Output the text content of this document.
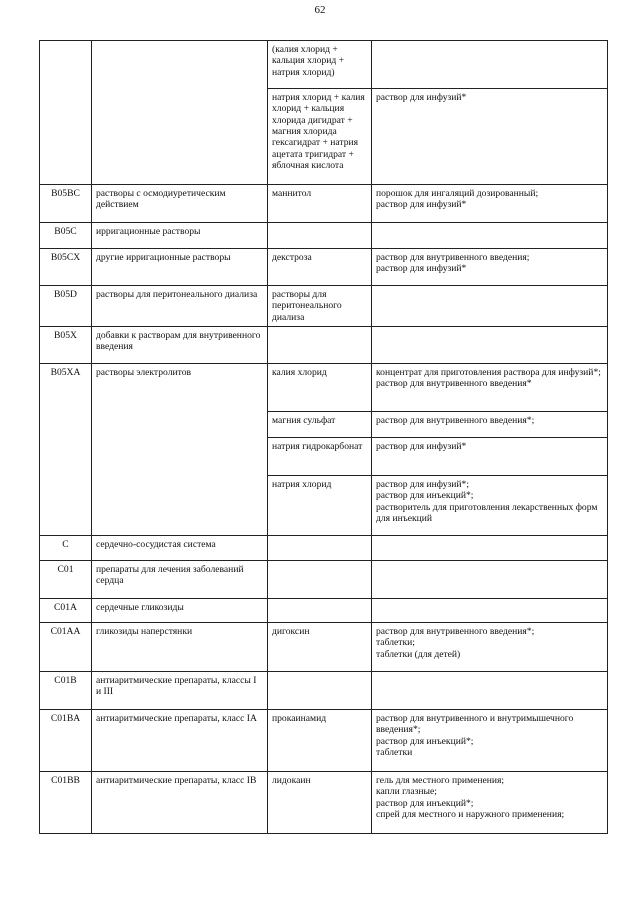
62
		(калия хлорид + кальция хлорид + натрия хлорид)	
		натрия хлорид + калия хлорид + кальция хлорида дигидрат + магния хлорида гексагидрат + натрия ацетата тригидрат + яблочная кислота	раствор для инфузий*
B05BC	растворы с осмодиуретическим действием	маннитол	порошок для ингаляций дозированный;
раствор для инфузий*
B05C	ирригационные растворы		
B05CX	другие ирригационные растворы	декстроза	раствор для внутривенного введения;
раствор для инфузий*
B05D	растворы для перитонеального диализа	растворы для перитонеального диализа	
B05X	добавки к растворам для внутривенного введения		
B05XA	растворы электролитов	калия хлорид	концентрат для приготовления раствора для инфузий*;
раствор для внутривенного введения*
		магния сульфат	раствор для внутривенного введения*;
		натрия гидрокарбонат	раствор для инфузий*
		натрия хлорид	раствор для инфузий*;
раствор для инъекций*;
растворитель для приготовления лекарственных форм для инъекций
C	сердечно-сосудистая система		
C01	препараты для лечения заболеваний сердца		
C01A	сердечные гликозиды		
C01AA	гликозиды наперстянки	дигоксин	раствор для внутривенного введения*;
таблетки;
таблетки (для детей)
C01B	антиаритмические препараты, классы I и III		
C01BA	антиаритмические препараты, класс IA	прокаинамид	раствор для внутривенного и внутримышечного введения*;
раствор для инъекций*;
таблетки
C01BB	антиаритмические препараты, класс IB	лидокаин	гель для местного применения;
капли глазные;
раствор для инъекций*;
спрей для местного и наружного применения;
